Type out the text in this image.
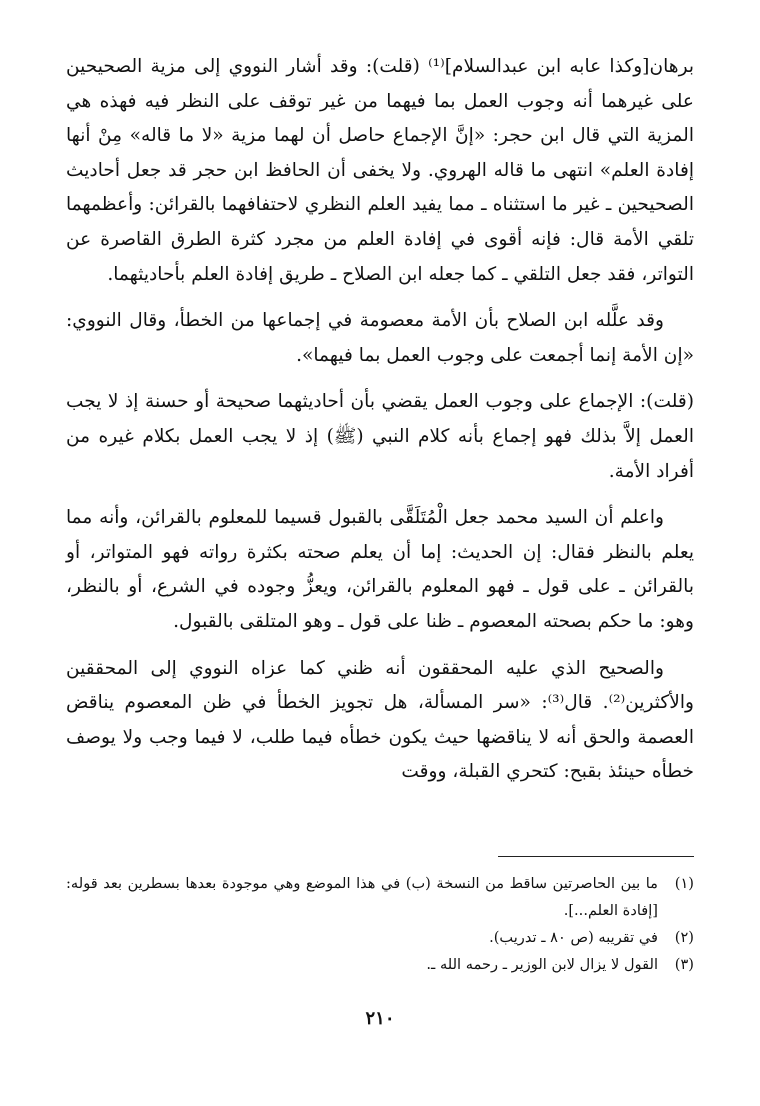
برهان[وكذا عابه ابن عبدالسلام]⁽¹⁾ (قلت): وقد أشار النووي إلى مزية الصحيحين على غيرهما أنه وجوب العمل بما فيهما من غير توقف على النظر فيه فهذه هي المزية التي قال ابن حجر: «إنَّ الإجماع حاصل أن لهما مزية «لا ما قاله» مِنْ أنها إفادة العلم» انتهى ما قاله الهروي. ولا يخفى أن الحافظ ابن حجر قد جعل أحاديث الصحيحين ـ غير ما استثناه ـ مما يفيد العلم النظري لاحتفافهما بالقرائن: وأعظمهما تلقي الأمة قال: فإنه أقوى في إفادة العلم من مجرد كثرة الطرق القاصرة عن التواتر، فقد جعل التلقي ـ كما جعله ابن الصلاح ـ طريق إفادة العلم بأحاديثهما.

وقد علَّله ابن الصلاح بأن الأمة معصومة في إجماعها من الخطأ، وقال النووي: «إن الأمة إنما أجمعت على وجوب العمل بما فيهما».

(قلت): الإجماع على وجوب العمل يقضي بأن أحاديثهما صحيحة أو حسنة إذ لا يجب العمل إلاَّ بذلك فهو إجماع بأنه كلام النبي (ﷺ) إذ لا يجب العمل بكلام غيره من أفراد الأمة.

واعلم أن السيد محمد جعل الْمُتَلَقَّى بالقبول قسيما للمعلوم بالقرائن، وأنه مما يعلم بالنظر فقال: إن الحديث: إما أن يعلم صحته بكثرة رواته فهو المتواتر، أو بالقرائن ـ على قول ـ فهو المعلوم بالقرائن، ويعزُّ وجوده في الشرع، أو بالنظر، وهو: ما حكم بصحته المعصوم ـ ظنا على قول ـ وهو المتلقى بالقبول.

والصحيح الذي عليه المحققون أنه ظني كما عزاه النووي إلى المحققين والأكثرين⁽²⁾. قال⁽³⁾: «سر المسألة، هل تجويز الخطأ في ظن المعصوم يناقض العصمة والحق أنه لا يناقضها حيث يكون خطأه فيما طلب، لا فيما وجب ولا يوصف خطأه حينئذ بقبح: كتحري القبلة، ووقت

(١)
ما بين الحاصرتين ساقط من النسخة (ب) في هذا الموضع وهي موجودة بعدها بسطرين بعد قوله: [إفادة العلم...].
(٢)
في تقريبه (ص ٨٠ ـ تدريب).
(٣)
القول لا يزال لابن الوزير ـ رحمه الله ـ.
٢١٠
